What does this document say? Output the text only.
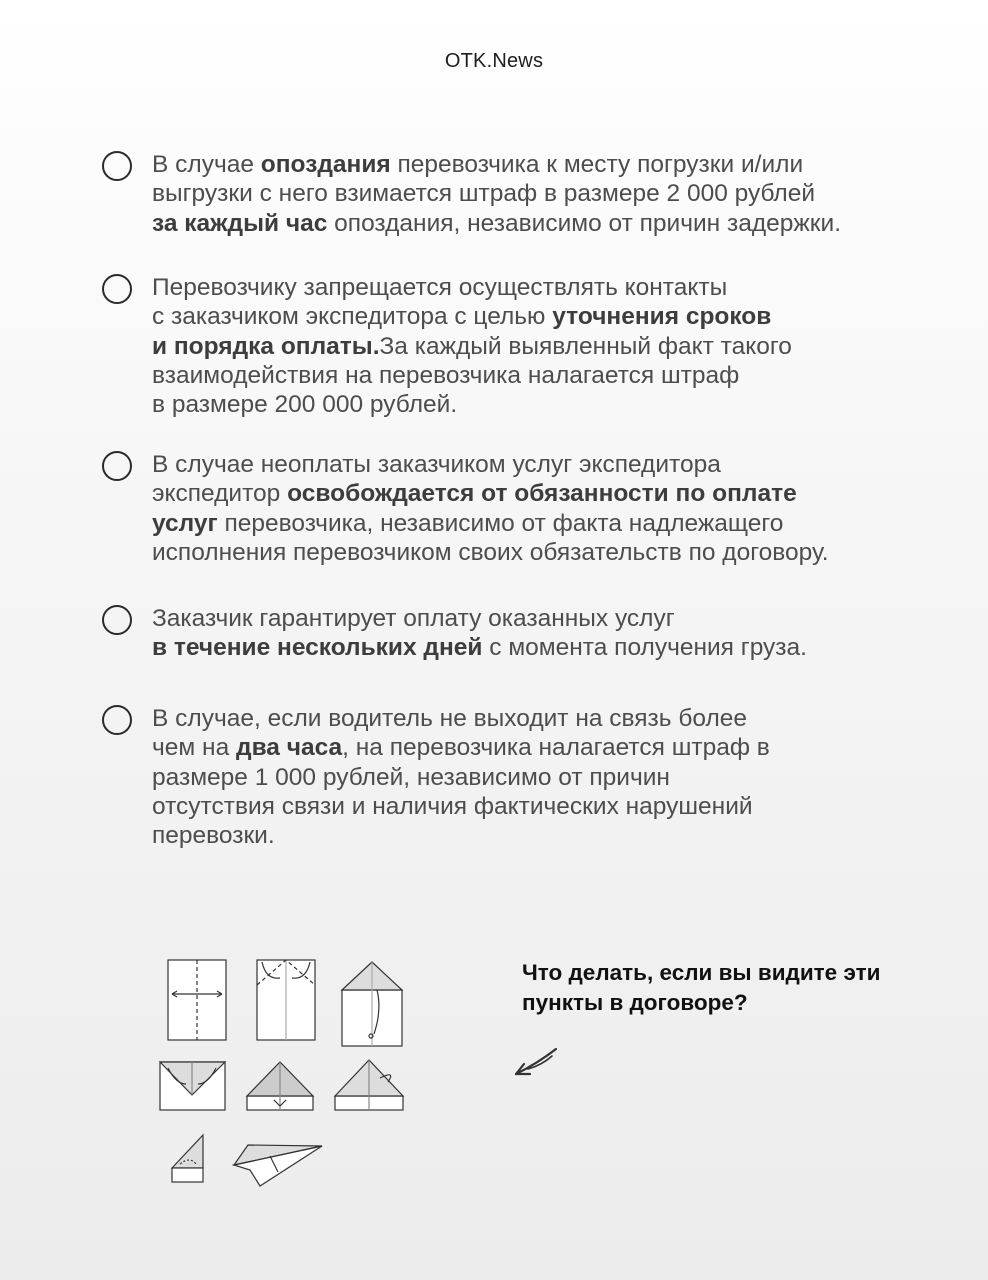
OTK.News
В случае опоздания перевозчика к месту погрузки и/или
выгрузки с него взимается штраф в размере 2 000 рублей
за каждый час опоздания, независимо от причин задержки.
Перевозчику запрещается осуществлять контакты
с заказчиком экспедитора с целью уточнения сроков
и порядка оплаты.За каждый выявленный факт такого
взаимодействия на перевозчика налагается штраф
в размере 200 000 рублей.
В случае неоплаты заказчиком услуг экспедитора
экспедитор освобождается от обязанности по оплате
услуг перевозчика, независимо от факта надлежащего
исполнения перевозчиком своих обязательств по договору.
Заказчик гарантирует оплату оказанных услуг
в течение нескольких дней с момента получения груза.
В случае, если водитель не выходит на связь более
чем на два часа, на перевозчика налагается штраф в
размере 1 000 рублей, независимо от причин
отсутствия связи и наличия фактических нарушений
перевозки.
Что делать, если вы видите эти пункты в договоре?
